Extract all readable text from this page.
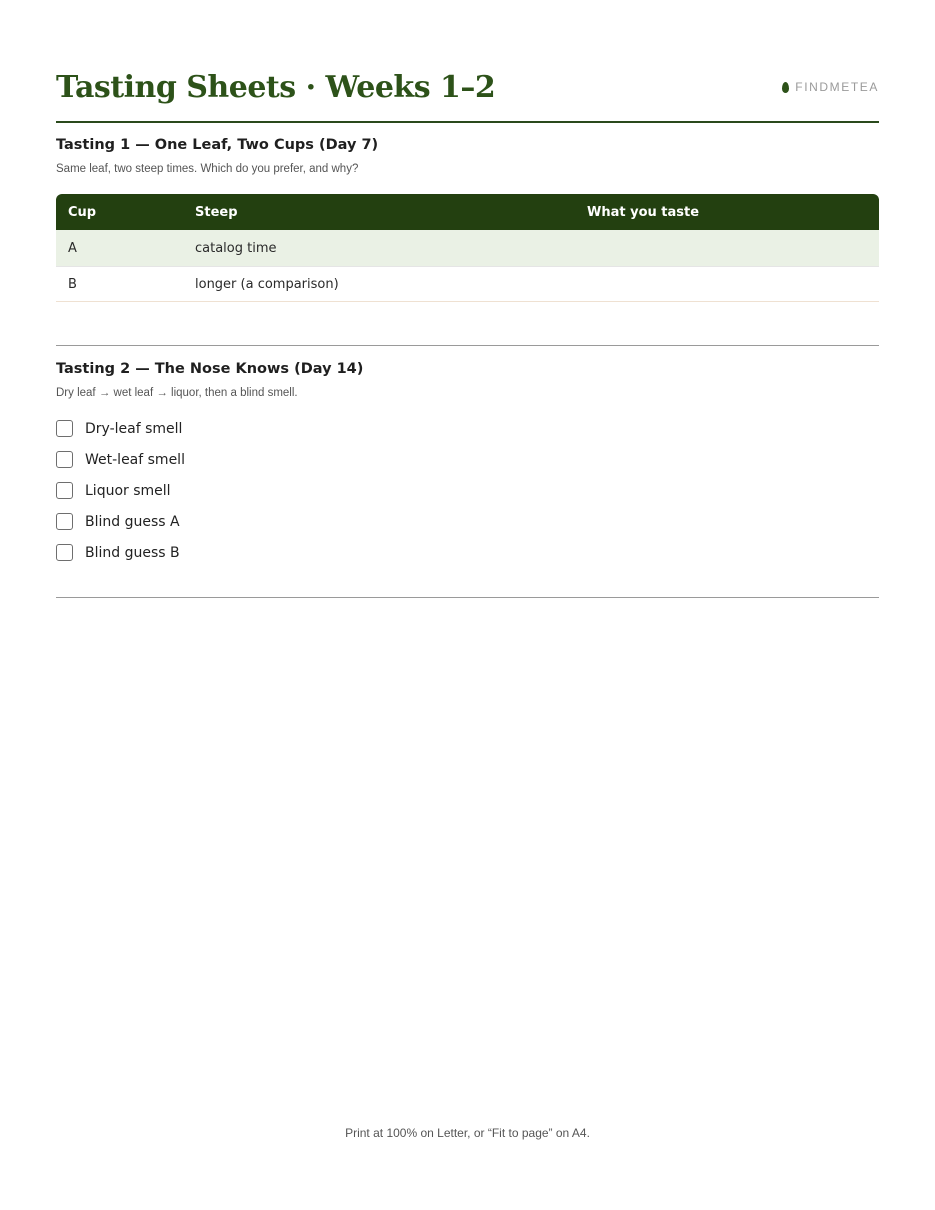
Tasting Sheets · Weeks 1–2	FINDMETEA
Tasting 1 — One Leaf, Two Cups (Day 7)

Same leaf, two steep times. Which do you prefer, and why?

Cup	Steep	What you taste
A	catalog time	
B	longer (a comparison)	
Tasting 2 — The Nose Knows (Day 14)

Dry leaf → wet leaf → liquor, then a blind smell.

Dry-leaf smell
Wet-leaf smell
Liquor smell
Blind guess A
Blind guess B

Print at 100% on Letter, or “Fit to page” on A4.
